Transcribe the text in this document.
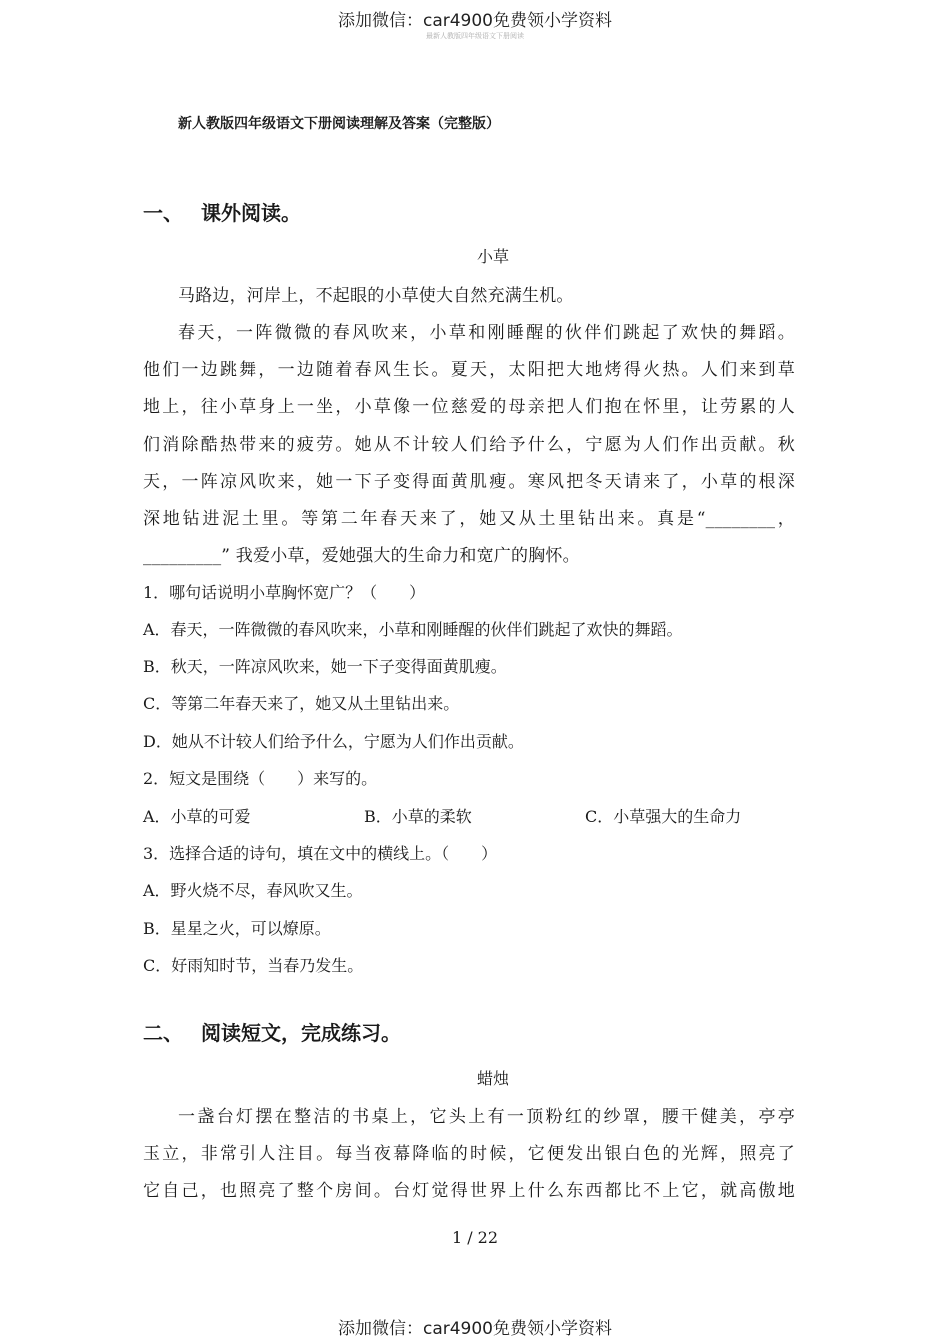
添加微信：car4900免费领小学资料
最新人教版四年级语文下册阅读
新人教版四年级语文下册阅读理解及答案（完整版）
一、 课外阅读。
小草
马路边，河岸上，不起眼的小草使大自然充满生机。
春天，一阵微微的春风吹来，小草和刚睡醒的伙伴们跳起了欢快的舞蹈。
他们一边跳舞，一边随着春风生长。夏天，太阳把大地烤得火热。人们来到草
地上，往小草身上一坐，小草像一位慈爱的母亲把人们抱在怀里，让劳累的人
们消除酷热带来的疲劳。她从不计较人们给予什么，宁愿为人们作出贡献。秋
天，一阵凉风吹来，她一下子变得面黄肌瘦。寒风把冬天请来了，小草的根深
深地钻进泥土里。等第二年春天来了，她又从土里钻出来。真是“________，
_________” 我爱小草，爱她强大的生命力和宽广的胸怀。
1．哪句话说明小草胸怀宽广？（　　）
A．春天，一阵微微的春风吹来，小草和刚睡醒的伙伴们跳起了欢快的舞蹈。
B．秋天，一阵凉风吹来，她一下子变得面黄肌瘦。
C．等第二年春天来了，她又从土里钻出来。
D．她从不计较人们给予什么，宁愿为人们作出贡献。
2．短文是围绕（　　）来写的。
A．小草的可爱	B．小草的柔软	C．小草强大的生命力
3．选择合适的诗句，填在文中的横线上。（　　）
A．野火烧不尽，春风吹又生。
B．星星之火，可以燎原。
C．好雨知时节，当春乃发生。
二、 阅读短文，完成练习。
蜡烛
一盏台灯摆在整洁的书桌上，它头上有一顶粉红的纱罩，腰干健美，亭亭
玉立，非常引人注目。每当夜幕降临的时候，它便发出银白色的光辉，照亮了
它自己，也照亮了整个房间。台灯觉得世界上什么东西都比不上它，就高傲地
1 / 22
添加微信：car4900免费领小学资料
